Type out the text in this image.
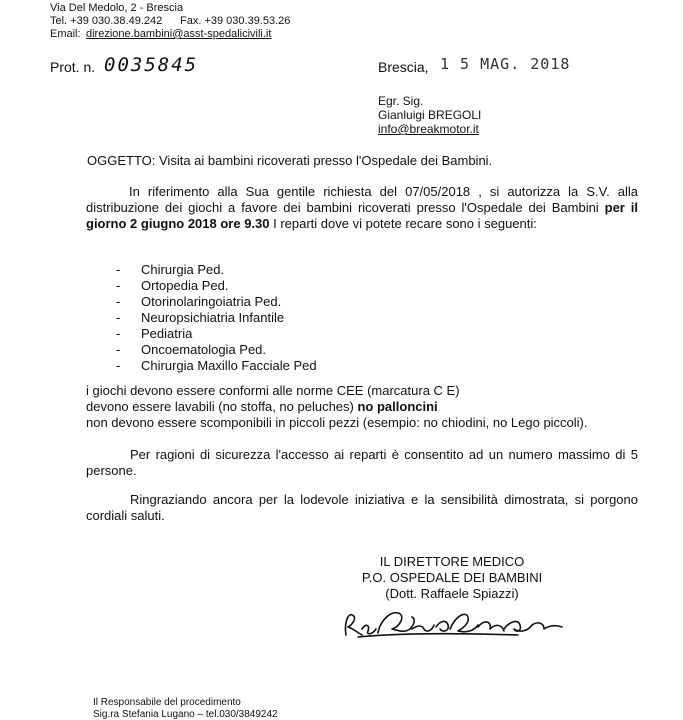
Via Del Medolo, 2 - Brescia
Tel. +39 030.38.49.242 Fax. +39 030.39.53.26
Email: direzione.bambini@asst-spedalicivili.it
Prot. n. 0035845	Brescia, 1 5 MAG. 2018
Egr. Sig.
Gianluigi BREGOLI
info@breakmotor.it
OGGETTO: Visita ai bambini ricoverati presso l'Ospedale dei Bambini.
In riferimento alla Sua gentile richiesta del 07/05/2018 , si autorizza la S.V. alla distribuzione dei giochi a favore dei bambini ricoverati presso l'Ospedale dei Bambini per il giorno 2 giugno 2018 ore 9.30 I reparti dove vi potete recare sono i seguenti:
- Chirurgia Ped.
- Ortopedia Ped.
- Otorinolaringoiatria Ped.
- Neuropsichiatria Infantile
- Pediatria
- Oncoematologia Ped.
- Chirurgia Maxillo Facciale Ped
i giochi devono essere conformi alle norme CEE (marcatura C E)
devono essere lavabili (no stoffa, no peluches) no palloncini
non devono essere scomponibili in piccoli pezzi (esempio: no chiodini, no Lego piccoli).
Per ragioni di sicurezza l'accesso ai reparti è consentito ad un numero massimo di 5 persone.
Ringraziando ancora per la lodevole iniziativa e la sensibilità dimostrata, si porgono cordiali saluti.
IL DIRETTORE MEDICO
P.O. OSPEDALE DEI BAMBINI
(Dott. Raffaele Spiazzi)
Il Responsabile del procedimento
Sig.ra Stefania Lugano – tel.030/3849242
